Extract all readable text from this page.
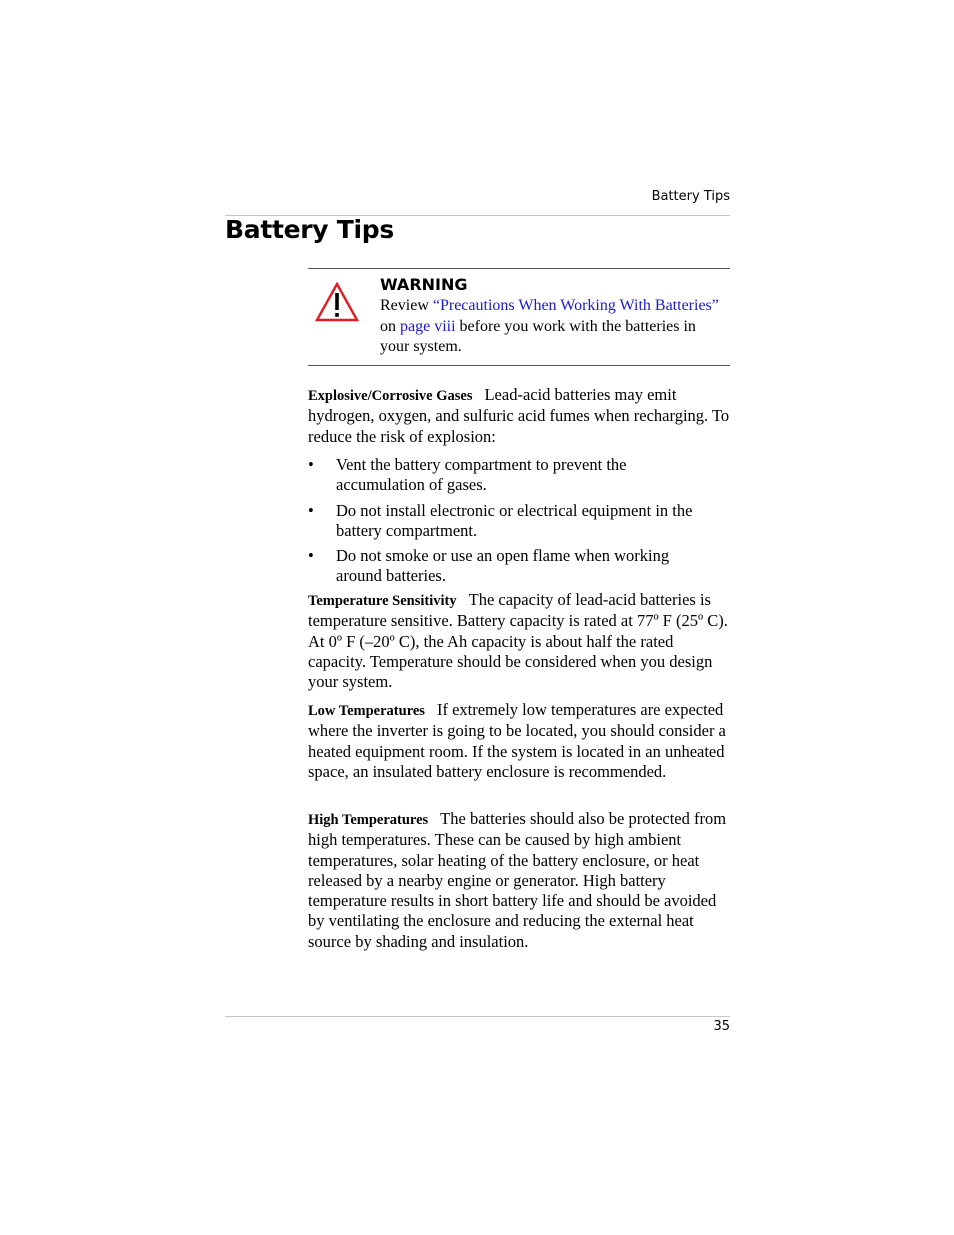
Battery Tips
Battery Tips
WARNING
Review “Precautions When Working With Batteries” on page viii before you work with the batteries in your system.
Explosive/Corrosive Gases Lead-acid batteries may emit hydrogen, oxygen, and sulfuric acid fumes when recharging. To reduce the risk of explosion:
• Vent the battery compartment to prevent the accumulation of gases.
• Do not install electronic or electrical equipment in the battery compartment.
• Do not smoke or use an open flame when working around batteries.
Temperature Sensitivity The capacity of lead-acid batteries is temperature sensitive. Battery capacity is rated at 77º F (25º C). At 0º F (–20º C), the Ah capacity is about half the rated capacity. Temperature should be considered when you design your system.
Low Temperatures If extremely low temperatures are expected where the inverter is going to be located, you should consider a heated equipment room. If the system is located in an unheated space, an insulated battery enclosure is recommended.
High Temperatures The batteries should also be protected from high temperatures. These can be caused by high ambient temperatures, solar heating of the battery enclosure, or heat released by a nearby engine or generator. High battery temperature results in short battery life and should be avoided by ventilating the enclosure and reducing the external heat source by shading and insulation.
35
